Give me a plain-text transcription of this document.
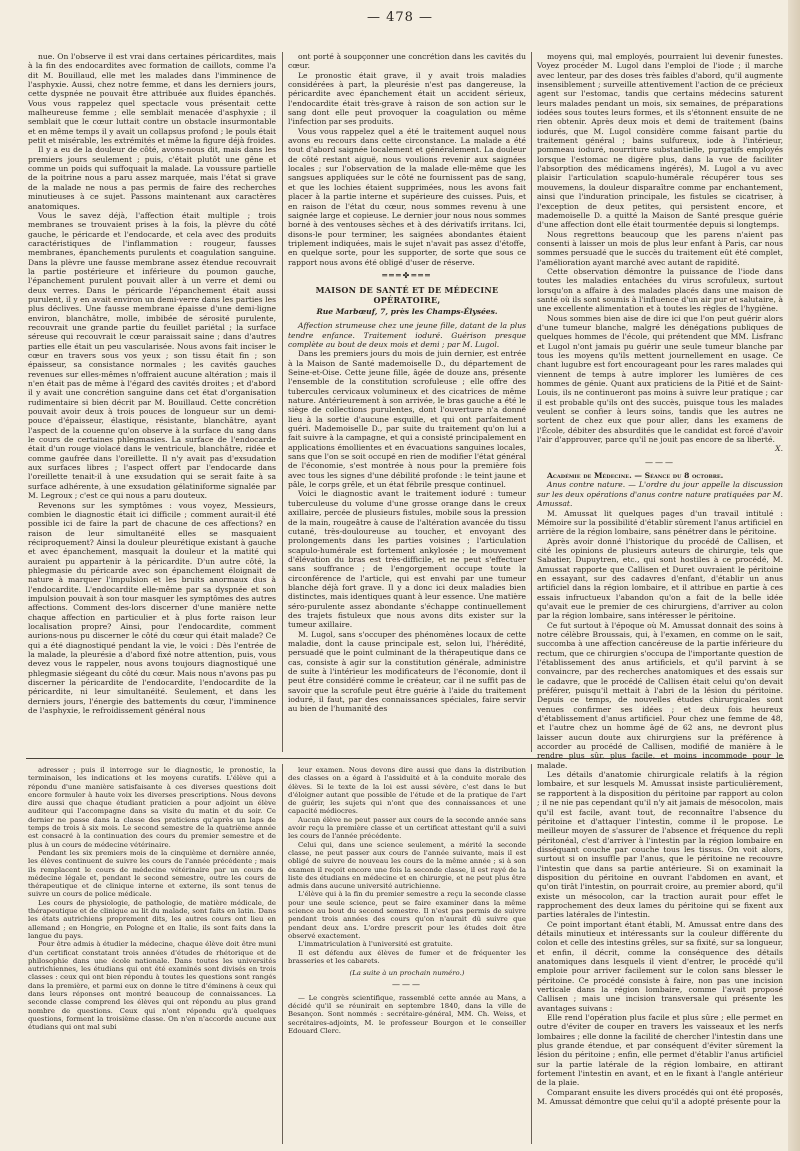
— 478 —

nue. On l'observe il est vrai dans certaines péricardites, mais à la fin des endocardites avec formation de caillots, comme l'a dit M. Bouillaud, elle met les malades dans l'imminence de l'asphyxie. Aussi, chez notre femme, et dans les derniers jours, cette dyspnée ne pouvait être attribuée aux fluides épanchés. Vous vous rappelez quel spectacle vous présentait cette malheureuse femme ; elle semblait menacée d'asphyxie ; il semblait que le cœur luttait contre un obstacle insurmontable et en même temps il y avait un collapsus profond ; le pouls était petit et misérable, les extrémités et même la figure déjà froides.

Il y a eu de la douleur de côté, avons-nous dit, mais dans les premiers jours seulement ; puis, c'était plutôt une gêne et comme un poids qui suffoquait la malade. La voussure partielle de la poitrine nous a paru assez marquée, mais l'état si grave de la malade ne nous a pas permis de faire des recherches minutieuses à ce sujet. Passons maintenant aux caractères anatomiques.

Vous le savez déjà, l'affection était multiple ; trois membranes se trouvaient prises à la fois, la plèvre du côté gauche, le péricarde et l'endocarde, et cela avec des produits caractéristiques de l'inflammation : rougeur, fausses membranes, épanchements purulents et coagulation sanguine. Dans la plèvre une fausse membrane assez étendue recouvrait la partie postérieure et inférieure du poumon gauche, l'épanchement purulent pouvait aller à un verre et demi ou deux verres. Dans le péricarde l'épanchement était aussi purulent, il y en avait environ un demi-verre dans les parties les plus déclives. Une fausse membrane épaisse d'une demi-ligne environ, blanchâtre, molle, imbibée de sérosité purulente, recouvrait une grande partie du feuillet pariétal ; la surface séreuse qui recouvrait le cœur paraissait saine ; dans d'autres parties elle était un peu vascularisée. Nous avons fait inciser le cœur en travers sous vos yeux ; son tissu était fin ; son épaisseur, sa consistance normales ; les cavités gauches revenues sur elles-mêmes n'offraient aucune altération ; mais il n'en était pas de même à l'égard des cavités droites ; et d'abord il y avait une concrétion sanguine dans cet état d'organisation rudimentaire si bien décrit par M. Bouillaud. Cette concrétion pouvait avoir deux à trois pouces de longueur sur un demi-pouce d'épaisseur, élastique, résistante, blanchâtre, ayant l'aspect de la couenne qu'on observe à la surface du sang dans le cours de certaines phlegmasies. La surface de l'endocarde était d'un rouge violacé dans le ventricule, blanchâtre, ridée et comme gaufrée dans l'oreillette. Il n'y avait pas d'exsudation aux surfaces libres ; l'aspect offert par l'endocarde dans l'oreillette tenait-il à une exsudation qui se serait faite à sa surface adhérente, à une exsudation gélatiniforme signalée par M. Legroux ; c'est ce qui nous a paru douteux.

Revenons sur les symptômes : vous voyez, Messieurs, combien le diagnostic était ici difficile ; comment aurait-il été possible ici de faire la part de chacune de ces affections? en raison de leur simultanéité elles se masquaient réciproquement? Ainsi la douleur pleurétique existant à gauche et avec épanchement, masquait la douleur et la matité qui auraient pu appartenir à la péricardite. D'un autre côté, la phlegmasie du péricarde avec son épanchement éloignait de nature à marquer l'impulsion et les bruits anormaux dus à l'endocardite. L'endocardite elle-même par sa dyspnée et son impulsion pouvait à son tour masquer les symptômes des autres affections. Comment des-lors discerner d'une manière nette chaque affection en particulier et à plus forte raison leur localisation propre? Ainsi, pour l'endocardite, comment aurions-nous pu discerner le côté du cœur qui était malade? Ce qui a été diagnostiqué pendant la vie, le voici : Dès l'entrée de la malade, la pleurésie a d'abord fixé notre attention, puis, vous devez vous le rappeler, nous avons toujours diagnostiqué une phlegmasie siégeant du côté du cœur. Mais nous n'avons pas pu discerner la péricardite de l'endocardite, l'endocardite de la péricardite, ni leur simultanéité. Seulement, et dans les derniers jours, l'énergie des battements du cœur, l'imminence de l'asphyxie, le refroidissement général nous

ont porté à soupçonner une concrétion dans les cavités du cœur.

Le pronostic était grave, il y avait trois maladies considérées à part, la pleurésie n'est pas dangereuse, la péricardite avec épanchement était un accident sérieux, l'endocardite était très-grave à raison de son action sur le sang dont elle peut provoquer la coagulation ou même l'infection par ses produits.

Vous vous rappelez quel a été le traitement auquel nous avons eu recours dans cette circonstance. La malade a été tout d'abord saignée localement et généralement. La douleur de côté restant aiguë, nous voulions revenir aux saignées locales ; sur l'observation de la malade elle-même que les sangsues appliquées sur le côté ne fournissent pas de sang, et que les lochies étaient supprimées, nous les avons fait placer à la partie interne et supérieure des cuisses. Puis, et en raison de l'état du cœur, nous sommes revenu à une saignée large et copieuse. Le dernier jour nous nous sommes borné à des ventouses sèches et à des dérivatifs irritans. Ici, disons-le pour terminer, les saignées abondantes étaient triplement indiquées, mais le sujet n'avait pas assez d'étoffe, en quelque sorte, pour les supporter, de sorte que sous ce rapport nous avons été obligé d'user de réserve.

═══✤═══
MAISON DE SANTÉ ET DE MÉDECINE OPÉRATOIRE,
Rue Marbœuf, 7, près les Champs-Élysées.

Affection strumeuse chez une jeune fille, datant de la plus tendre enfance. Traitement ioduré. Guérison presque complète au bout de deux mois et demi ; par M. Lugol.

Dans les premiers jours du mois de juin dernier, est entrée à la Maison de Santé mademoiselle D., du département de Seine-et-Oise. Cette jeune fille, âgée de douze ans, présente l'ensemble de la constitution scrofuleuse ; elle offre des tubercules cervicaux volumineux et des cicatrices de même nature. Antérieurement à son arrivée, le bras gauche a été le siège de collections purulentes, dont l'ouverture n'a donné lieu à la sortie d'aucune esquille, et qui ont parfaitement guéri. Mademoiselle D., par suite du traitement qu'on lui a fait suivre à la campagne, et qui a consisté principalement en applications émollientes et en évacuations sanguines locales, sans que l'on se soit occupé en rien de modifier l'état général de l'économie, s'est montrée à nous pour la première fois avec tous les signes d'une débilité profonde : le teint jaune et pâle, le corps grêle, et un état fébrile presque continuel.

Voici le diagnostic avant le traitement ioduré : tumeur tuberculeuse du volume d'une grosse orange dans le creux axillaire, percée de plusieurs fistules, mobile sous la pression de la main, rougeâtre à cause de l'altération avancée du tissu cutané, très-douloureuse au toucher, et envoyant des prolongements dans les parties voisines ; l'articulation scapulo-humérale est fortement ankylosée ; le mouvement d'élévation du bras est très-difficile, et ne peut s'effectuer sans souffrance ; de l'engorgement occupe toute la circonférence de l'article, qui est envahi par une tumeur blanche déjà fort grave. Il y a donc ici deux maladies bien distinctes, mais identiques quant à leur essence. Une matière séro-purulente assez abondante s'échappe continuellement des trajets fistuleux que nous avons dits exister sur la tumeur axillaire.

M. Lugol, sans s'occuper des phénomènes locaux de cette maladie, dont la cause principale est, selon lui, l'hérédité, persuadé que le point culminant de la thérapeutique dans ce cas, consiste à agir sur la constitution générale, administre de suite à l'intérieur les modificateurs de l'économie, dont il peut être considéré comme le créateur, car il ne suffit pas de savoir que la scrofule peut être guérie à l'aide du traitement ioduré, il faut, par des connaissances spéciales, faire servir au bien de l'humanité des

moyens qui, mal employés, pourraient lui devenir funestes. Voyez procéder M. Lugol dans l'emploi de l'iode ; il marche avec lenteur, par des doses très faibles d'abord, qu'il augmente insensiblement ; surveille attentivement l'action de ce précieux agent sur l'estomac, tandis que certains médecins saturent leurs malades pendant un mois, six semaines, de préparations iodées sous toutes leurs formes, et ils s'étonnent ensuite de ne rien obtenir. Après deux mois et demi de traitement (bains iodurés, que M. Lugol considère comme faisant partie du traitement général ; bains sulfureux, iode à l'intérieur, pommeau ioduré, nourriture substantielle, purgatifs employés lorsque l'estomac ne digère plus, dans la vue de faciliter l'absorption des médicamens ingérés), M. Lugol a vu avec plaisir l'articulation scapulo-humérale récupérer tous ses mouvemens, la douleur disparaître comme par enchantement, ainsi que l'induration principale, les fistules se cicatriser, à l'exception de deux petites, qui persistent encore, et mademoiselle D. a quitté la Maison de Santé presque guérie d'une affection dont elle était tourmentée depuis si longtemps.

Nous regrettons beaucoup que les parens n'aient pas consenti à laisser un mois de plus leur enfant à Paris, car nous sommes persuadé que le succès du traitement eût été complet, l'amélioration ayant marché avec autant de rapidité.

Cette observation démontre la puissance de l'iode dans toutes les maladies entachées du virus scrofuleux, surtout lorsqu'on a affaire à des malades placés dans une maison de santé où ils sont soumis à l'influence d'un air pur et salutaire, à une excellente alimentation et à toutes les règles de l'hygiène.

Nous sommes bien aise de dire ici que l'on peut guérir alors d'une tumeur blanche, malgré les dénégations publiques de quelques hommes de l'école, qui prétendent que MM. Lisfranc et Lugol n'ont jamais pu guérir une seule tumeur blanche par tous les moyens qu'ils mettent journellement en usage. Ce chant lugubre est fort encourageant pour les rares malades qui viennent de temps à autre implorer les lumières de ces hommes de génie. Quant aux praticiens de la Pitié et de Saint-Louis, ils ne continueront pas moins à suivre leur pratique ; car il est probable qu'ils ont des succès, puisque tous les malades veulent se confier à leurs soins, tandis que les autres ne sortent de chez eux que pour aller, dans les examens de l'École, débiter des absurdités que le candidat est forcé d'avoir l'air d'approuver, parce qu'il ne jouit pas encore de sa liberté.

X.
———

Académie de Médecine. — Séance du 8 octobre.

Anus contre nature. — L'ordre du jour appelle la discussion sur les deux opérations d'anus contre nature pratiquées par M. Amussat.

M. Amussat lit quelques pages d'un travail intitulé : Mémoire sur la possibilité d'établir sûrement l'anus artificiel en arrière de la région lombaire, sans pénétrer dans le péritoine.

Après avoir donné l'historique du procédé de Callisen, et cité les opinions de plusieurs auteurs de chirurgie, tels que Sabatier, Dupuytren, etc., qui sont hostiles à ce procédé, M. Amussat rapporte que Callisen et Duret ouvraient le péritoine en essayant, sur des cadavres d'enfant, d'établir un anus artificiel dans la région lombaire, et il attribue en partie à ces essais infructueux l'abandon qu'on a fait de la belle idée qu'avait eue le premier de ces chirurgiens, d'arriver au colon par la région lombaire, sans intéresser le péritoine.

Ce fut surtout à l'époque où M. Amussat donnait des soins à notre célèbre Broussais, qui, à l'examen, en comme on le sait, succomba à une affection cancéreuse de la partie inférieure du rectum, que ce chirurgien s'occupa de l'importante question de l'établissement des anus artificiels, et qu'il parvint à se convaincre, par des recherches anatomiques et des essais sur le cadavre, que le procédé de Callisen était celui qu'on devait préférer, puisqu'il mettait à l'abri de la lésion du péritoine. Depuis ce temps, de nouvelles études chirurgicales sont venues confirmer ses idées ; et deux fois heureux d'établissement d'anus artificiel. Pour chez une femme de 48, et l'autre chez un homme âgé de 62 ans, ne devront plus laisser aucun doute aux chirurgiens sur la préférence à accorder au procédé de Callisen, modifié de manière à le rendre plus sûr, plus facile, et moins incommode pour le malade.

Les détails d'anatomie chirurgicale relatifs à la région lombaire, et sur lesquels M. Amussat insiste particulièrement, se rapportent à la disposition du péritoine par rapport au colon ; il ne nie pas cependant qu'il n'y ait jamais de mésocolon, mais qu'il est facile, avant tout, de reconnaître l'absence du péritoine et d'attaquer l'intestin, comme il le propose. Le meilleur moyen de s'assurer de l'absence et fréquence du repli péritonéal, c'est d'arriver à l'intestin par la région lombaire en disséquant couche par couche tous les tissus. On voit alors, surtout si on insuffle par l'anus, que le péritoine ne recouvre l'intestin que dans sa partie antérieure. Si on examinait la disposition du péritoine en ouvrant l'abdomen en avant, et qu'on tirât l'intestin, on pourrait croire, au premier abord, qu'il existe un mésocolon, car la traction aurait pour effet le rapprochement des deux lames du péritoine qui se fixent aux parties latérales de l'intestin.

Ce point important étant établi, M. Amussat entre dans des détails minutieux et intéressants sur la couleur différente du colon et celle des intestins grêles, sur sa fixité, sur sa longueur, et enfin, il décrit, comme la conséquence des détails anatomiques dans lesquels il vient d'entrer, le procédé qu'il emploie pour arriver facilement sur le colon sans blesser le péritoine. Ce procédé consiste à faire, non pas une incision verticale dans la région lombaire, comme l'avait proposé Callisen ; mais une incision transversale qui présente les avantages suivans :

Elle rend l'opération plus facile et plus sûre ; elle permet en outre d'éviter de couper en travers les vaisseaux et les nerfs lombaires ; elle donne la facilité de chercher l'intestin dans une plus grande étendue, et par conséquent d'éviter sûrement la lésion du péritoine ; enfin, elle permet d'établir l'anus artificiel sur la partie latérale de la région lombaire, en attirant fortement l'intestin en avant, et en le fixant à l'angle antérieur de la plaie.

Comparant ensuite les divers procédés qui ont été proposés, M. Amussat démontre que celui qu'il a adopté présente pour la

adresser ; puis il interroge sur le diagnostic, le pronostic, la terminaison, les indications et les moyens curatifs. L'élève qui a répondu d'une manière satisfaisante à ces diverses questions doit encore formuler à haute voix les diverses prescriptions. Nous devons dire aussi que chaque étudiant praticien a pour adjoint un élève auditeur qui l'accompagne dans sa visite du matin et du soir. Ce dernier ne passe dans la classe des praticiens qu'après un laps de temps de trois à six mois. Le second semestre de la quatrième année est consacré à la continuation des cours du premier semestre et de plus à un cours de médecine vétérinaire.

Pendant les six premiers mois de la cinquième et dernière année, les élèves continuent de suivre les cours de l'année précédente ; mais ils remplacent le cours de médecine vétérinaire par un cours de médecine légale et, pendant le second semestre, outre les cours de thérapeutique et de clinique interne et externe, ils sont tenus de suivre un cours de police médicale.

Les cours de physiologie, de pathologie, de matière médicale, de thérapeutique et de clinique au lit du malade, sont faits en latin. Dans les états autrichiens proprement dits, les autres cours ont lieu en allemand ; en Hongrie, en Pologne et en Italie, ils sont faits dans la langue du pays.

Pour être admis à étudier la médecine, chaque élève doit être muni d'un certificat constatant trois années d'études de rhétorique et de philosophie dans une école nationale. Dans toutes les universités autrichiennes, les étudians qui ont été examinés sont divisés en trois classes : ceux qui ont bien répondu à toutes les questions sont rangés dans la première, et parmi eux on donne le titre d'éminens à ceux qui dans leurs réponses ont montré beaucoup de connaissances. La seconde classe comprend les élèves qui ont répondu au plus grand nombre de questions. Ceux qui n'ont répondu qu'à quelques questions, forment la troisième classe. On n'en n'accorde aucune aux étudians qui ont mal subi

leur examen. Nous devons dire aussi que dans la distribution des classes on a égard à l'assiduité et à la conduite morale des élèves. Si le texte de la loi est aussi sévère, c'est dans le but d'éloigner autant que possible de l'étude et de la pratique de l'art de guérir, les sujets qui n'ont que des connaissances et une capacité médiocres.

Aucun élève ne peut passer aux cours de la seconde année sans avoir reçu la première classe et un certificat attestant qu'il a suivi les cours de l'année précédente.

Celui qui, dans une science seulement, a mérité la seconde classe, ne peut passer aux cours de l'année suivante, mais il est obligé de suivre de nouveau les cours de la même année ; si à son examen il reçoit encore une fois la seconde classe, il est rayé de la liste des étudians en médecine et en chirurgie, et ne peut plus être admis dans aucune université autrichienne.

L'élève qui à la fin du premier semestre a reçu la seconde classe pour une seule science, peut se faire examiner dans la même science au bout du second semestre. Il n'est pas permis de suivre pendant trois années des cours qu'on n'aurait dû suivre que pendant deux ans. L'ordre prescrit pour les études doit être observé exactement.

L'immatriculation à l'université est gratuite.

Il est défendu aux élèves de fumer et de fréquenter les brasseries et les cabarets.

(La suite à un prochain numéro.)
———

— Le congrès scientifique, rassemblé cette année au Mans, a décidé qu'il se réunirait en septembre 1840, dans la ville de Besançon. Sont nommés : secrétaire-général, MM. Ch. Weiss, et secrétaires-adjoints, M. le professeur Bourgon et le conseiller Edouard Clerc.
